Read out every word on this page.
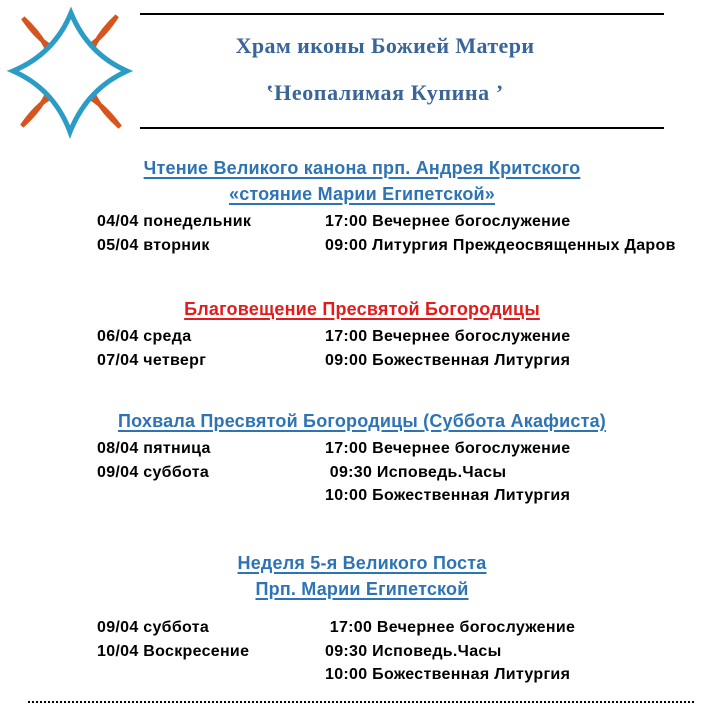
Храм иконы Божией Матери
‛Неопалимая Купина ’
Чтение Великого канона прп. Андрея Критского
«стояние Марии Египетской»
04/04 понедельник	17:00 Вечернее богослужение
05/04 вторник	09:00 Литургия Преждеосвященных Даров
Благовещение Пресвятой Богородицы
06/04 среда	17:00 Вечернее богослужение
07/04 четверг	09:00 Божественная Литургия
Похвала Пресвятой Богородицы (Суббота Акафиста)
08/04 пятница	17:00 Вечернее богослужение
09/04 суббота	09:30 Исповедь.Часы
10:00 Божественная Литургия
Неделя 5-я Великого Поста
Прп. Марии Египетской
09/04 суббота	17:00 Вечернее богослужение
10/04 Воскресение	09:30 Исповедь.Часы
10:00 Божественная Литургия
